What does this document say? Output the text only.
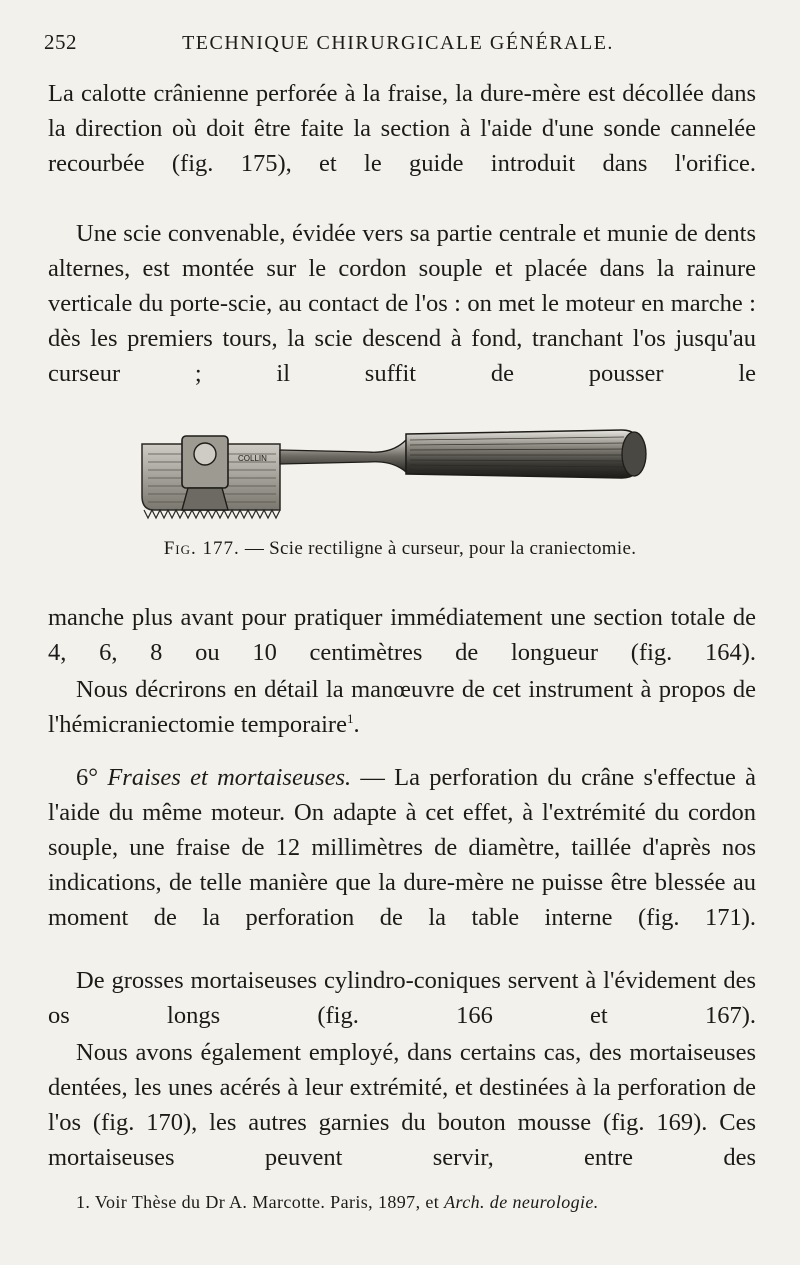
252	TECHNIQUE CHIRURGICALE GÉNÉRALE.

La calotte crânienne perforée à la fraise, la dure-mère est décollée dans la direction où doit être faite la section à l'aide d'une sonde cannelée recourbée (fig. 175), et le guide introduit dans l'orifice.

Une scie convenable, évidée vers sa partie centrale et munie de dents alternes, est montée sur le cordon souple et placée dans la rainure verticale du porte-scie, au contact de l'os : on met le moteur en marche : dès les premiers tours, la scie descend à fond, tranchant l'os jusqu'au curseur ; il suffit de pousser le

COLLIN
Fig. 177. — Scie rectiligne à curseur, pour la craniectomie.

manche plus avant pour pratiquer immédiatement une section totale de 4, 6, 8 ou 10 centimètres de longueur (fig. 164).

Nous décrirons en détail la manœuvre de cet instrument à propos de l'hémicraniectomie temporaire$^1$.

6° Fraises et mortaiseuses. — La perforation du crâne s'effectue à l'aide du même moteur. On adapte à cet effet, à l'extrémité du cordon souple, une fraise de 12 millimètres de diamètre, taillée d'après nos indications, de telle manière que la dure-mère ne puisse être blessée au moment de la perforation de la table interne (fig. 171).

De grosses mortaiseuses cylindro-coniques servent à l'évidement des os longs (fig. 166 et 167).

Nous avons également employé, dans certains cas, des mortaiseuses dentées, les unes acérés à leur extrémité, et destinées à la perforation de l'os (fig. 170), les autres garnies du bouton mousse (fig. 169). Ces mortaiseuses peuvent servir, entre des

1. Voir Thèse du Dr A. Marcotte. Paris, 1897, et Arch. de neurologie.
